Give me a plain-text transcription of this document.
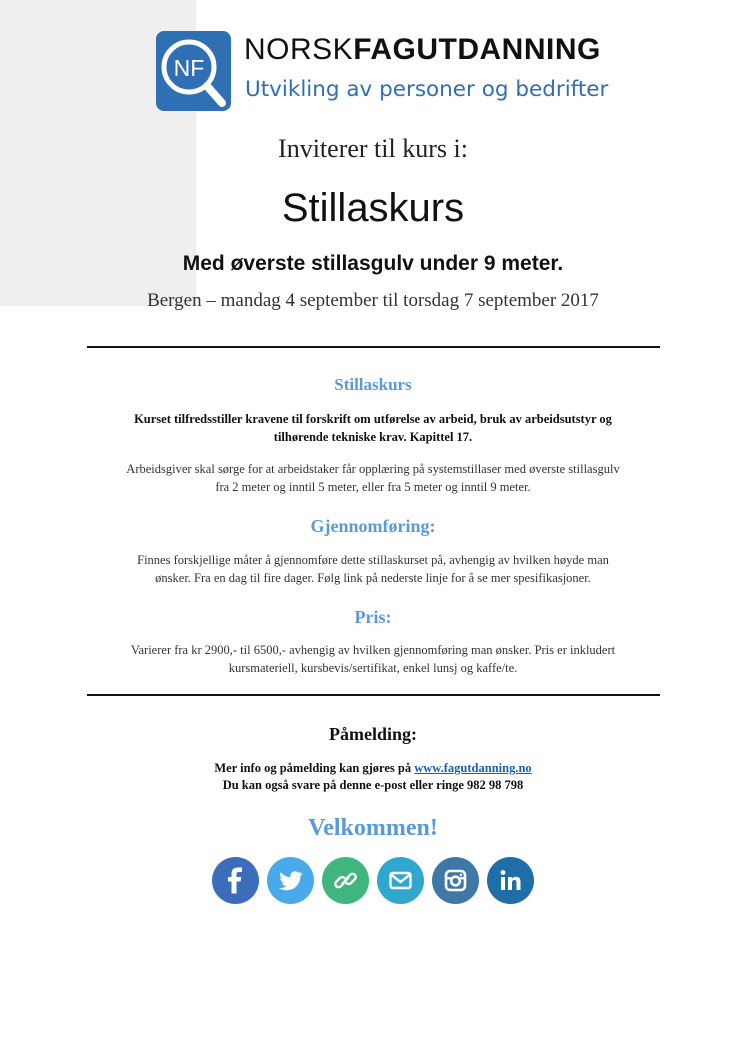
NF
NORSKFAGUTDANNING
Utvikling av personer og bedrifter
Inviterer til kurs i:
Stillaskurs
Med øverste stillasgulv under 9 meter.
Bergen – mandag 4 september til torsdag 7 september 2017
Stillaskurs
Kurset tilfredsstiller kravene til forskrift om utførelse av arbeid, bruk av arbeidsutstyr og
tilhørende tekniske krav. Kapittel 17.
Arbeidsgiver skal sørge for at arbeidstaker får opplæring på systemstillaser med øverste stillasgulv
fra 2 meter og inntil 5 meter, eller fra 5 meter og inntil 9 meter.
Gjennomføring:
Finnes forskjellige måter å gjennomføre dette stillaskurset på, avhengig av hvilken høyde man
ønsker. Fra en dag til fire dager. Følg link på nederste linje for å se mer spesifikasjoner.
Pris:
Varierer fra kr 2900,- til 6500,- avhengig av hvilken gjennomføring man ønsker. Pris er inkludert
kursmateriell, kursbevis/sertifikat, enkel lunsj og kaffe/te.
Påmelding:
Mer info og påmelding kan gjøres på www.fagutdanning.no
Du kan også svare på denne e-post eller ringe 982 98 798
Velkommen!
